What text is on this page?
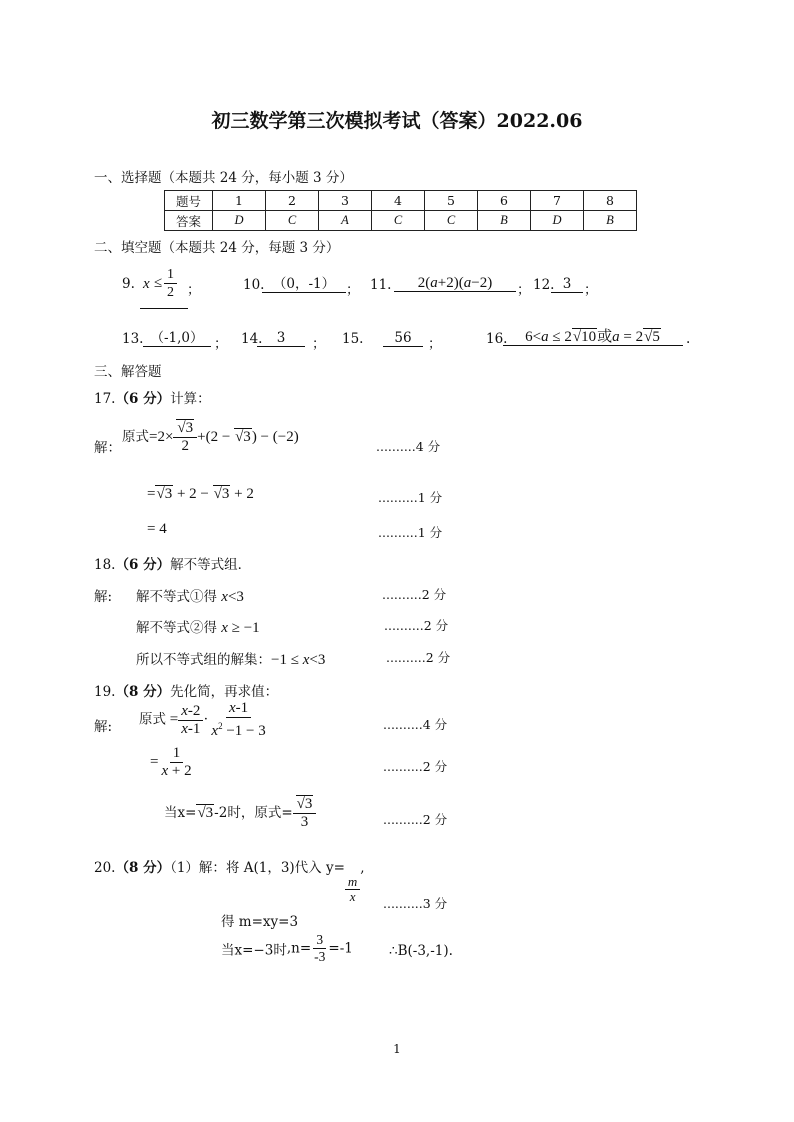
初三数学第三次模拟考试（答案）2022.06
一、选择题（本题共 24 分，每小题 3 分）
题号	1	2	3	4	5	6	7	8
答案	D	C	A	C	C	B	D	B
二、填空题（本题共 24 分，每题 3 分）
9. $x \le \frac{1}{2}$ ；	10. （0，-1） ； 11.	2(a+2)(a−2)	； 12. 3 ；
13. （-1,0） ； 14.	3	； 15.	56	；	16.	6<a ≤ 2√10或a = 2√5	.
三、解答题
17.（6 分）计算：
解：
原式$=2\times \frac{√3}{2} +(2 - √3) - (-2)$
..........4 分
=√3 + 2 − √3 + 2	..........1 分
= 4	..........1 分
18.（6 分）解不等式组．
解: 解不等式①得 x<3	..........2 分
解不等式②得 x ≥ −1	..........2 分
所以不等式组的解集：−1 ≤ x<3	..........2 分
19.（8 分）先化简，再求值：
解: 原式 = $\frac{x-2}{x-1} \cdot \frac{x-1}{x^2 -1 - 3}$	..........4 分
= $\frac{1}{x + 2}$	..........2 分
当x=√3-2时，原式= $\frac{√3}{3}$	..........2 分
20.（8 分）（1）解：将 A(1，3)代入 y=
$\frac{m}{x}$
,
..........3 分
得 m=xy=3
当x=−3时$,n= \frac{3}{-3} =-1$	∴B(-3,-1).
1
